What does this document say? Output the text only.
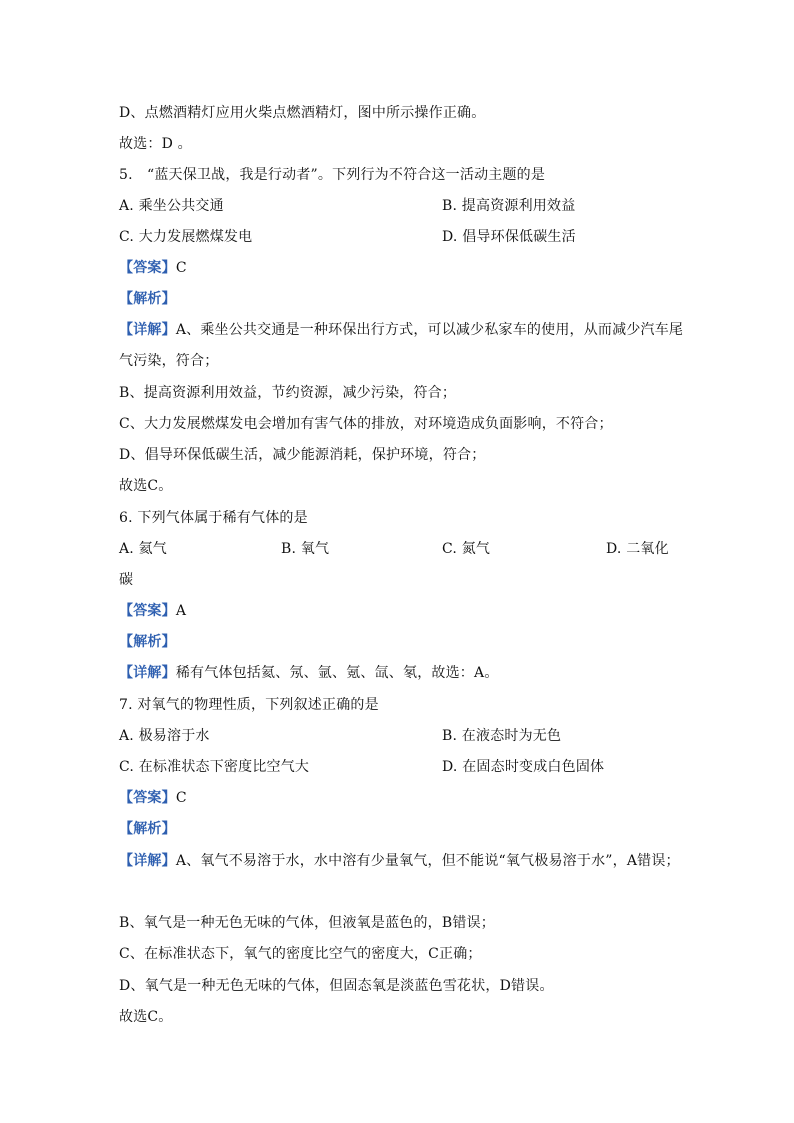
D、点燃酒精灯应用火柴点燃酒精灯，图中所示操作正确。
故选：D 。
5.　“蓝天保卫战，我是行动者”。下列行为不符合这一活动主题的是
A. 乘坐公共交通	B. 提高资源利用效益
C. 大力发展燃煤发电	D. 倡导环保低碳生活
【答案】C
【解析】
【详解】A、乘坐公共交通是一种环保出行方式，可以减少私家车的使用，从而减少汽车尾
气污染，符合；
B、提高资源利用效益，节约资源，减少污染，符合；
C、大力发展燃煤发电会增加有害气体的排放，对环境造成负面影响，不符合；
D、倡导环保低碳生活，减少能源消耗，保护环境，符合；
故选C。
6. 下列气体属于稀有气体的是
A. 氦气	B. 氧气	C. 氮气	D. 二氧化
碳
【答案】A
【解析】
【详解】稀有气体包括氦、氖、氩、氪、氙、氡，故选：A。
7. 对氧气的物理性质，下列叙述正确的是
A. 极易溶于水	B. 在液态时为无色
C. 在标准状态下密度比空气大	D. 在固态时变成白色固体
【答案】C
【解析】
【详解】A、氧气不易溶于水，水中溶有少量氧气，但不能说“氧气极易溶于水”，A错误；
B、氧气是一种无色无味的气体，但液氧是蓝色的，B错误；
C、在标准状态下，氧气的密度比空气的密度大，C正确；
D、氧气是一种无色无味的气体，但固态氧是淡蓝色雪花状，D错误。
故选C。
